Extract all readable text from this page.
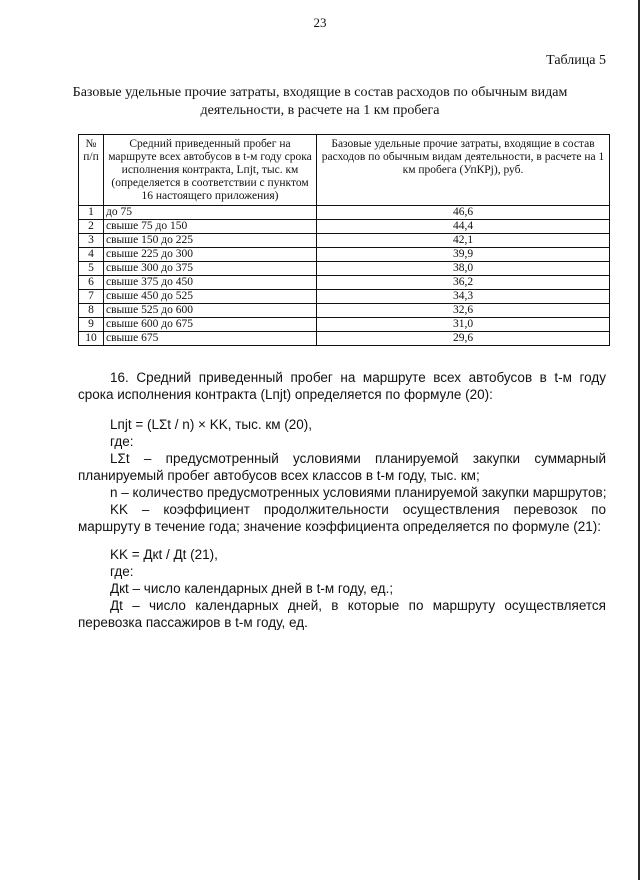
23
Таблица 5
Базовые удельные прочие затраты, входящие в состав расходов по обычным видам деятельности, в расчете на 1 км пробега
№ п/п	Средний приведенный пробег на маршруте всех автобусов в t-м году срока исполнения контракта, Lпjt, тыс. км (определяется в соответствии с пунктом 16 настоящего приложения)	Базовые удельные прочие затраты, входящие в состав расходов по обычным видам деятельности, в расчете на 1 км пробега (УпКРj), руб.
1	до 75	46,6
2	свыше 75 до 150	44,4
3	свыше 150 до 225	42,1
4	свыше 225 до 300	39,9
5	свыше 300 до 375	38,0
6	свыше 375 до 450	36,2
7	свыше 450 до 525	34,3
8	свыше 525 до 600	32,6
9	свыше 600 до 675	31,0
10	свыше 675	29,6
16. Средний приведенный пробег на маршруте всех автобусов в t-м году срока исполнения контракта (Lпjt) определяется по формуле (20):
Lпjt = (LΣt / n) × KK, тыс. км (20),
где:
LΣt – предусмотренный условиями планируемой закупки суммарный планируемый пробег автобусов всех классов в t-м году, тыс. км;
n – количество предусмотренных условиями планируемой закупки маршрутов;
KK – коэффициент продолжительности осуществления перевозок по маршруту в течение года; значение коэффициента определяется по формуле (21):
KK = Дкt / Дt (21),
где:
Дкt – число календарных дней в t-м году, ед.;
Дt – число календарных дней, в которые по маршруту осуществляется перевозка пассажиров в t-м году, ед.
